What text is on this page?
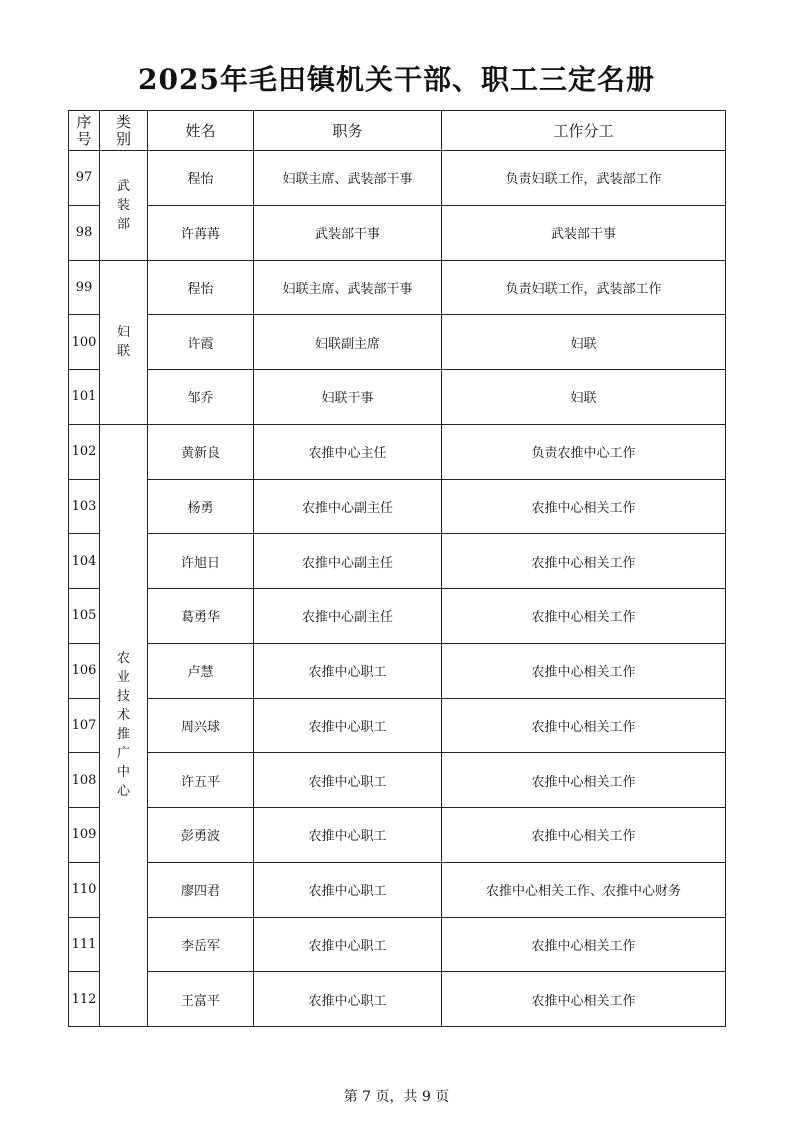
2025年毛田镇机关干部、职工三定名册
序号	类别	姓名	职务	工作分工
97	武装部	程怡	妇联主席、武装部干事	负责妇联工作，武装部工作
98		许苒苒	武装部干事	武装部干事
99	妇联	程怡	妇联主席、武装部干事	负责妇联工作，武装部工作
100		许霞	妇联副主席	妇联
101		邹乔	妇联干事	妇联
102	农业技术推广中心	黄新良	农推中心主任	负责农推中心工作
103		杨勇	农推中心副主任	农推中心相关工作
104		许旭日	农推中心副主任	农推中心相关工作
105		葛勇华	农推中心副主任	农推中心相关工作
106		卢慧	农推中心职工	农推中心相关工作
107		周兴球	农推中心职工	农推中心相关工作
108		许五平	农推中心职工	农推中心相关工作
109		彭勇波	农推中心职工	农推中心相关工作
110		廖四君	农推中心职工	农推中心相关工作、农推中心财务
111		李岳军	农推中心职工	农推中心相关工作
112		王富平	农推中心职工	农推中心相关工作
第 7 页，共 9 页
